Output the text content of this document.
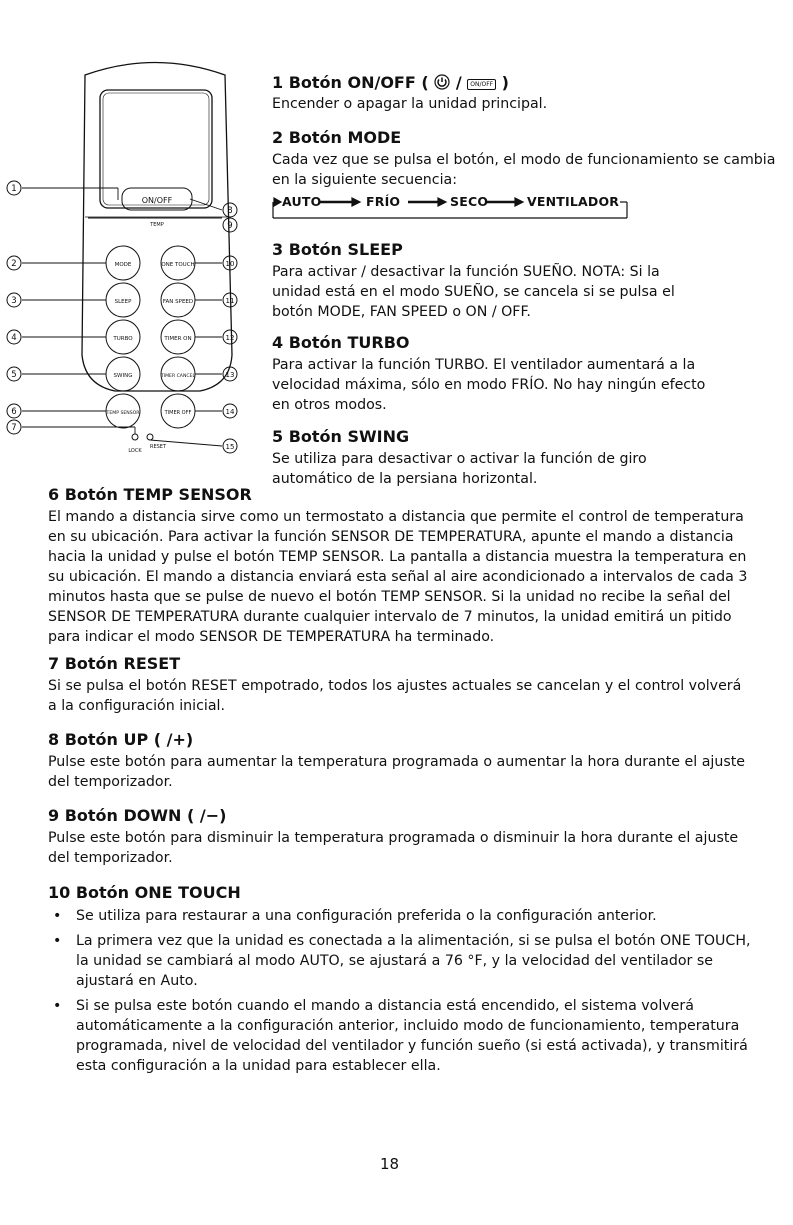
ON/OFF
TEMP
LOCK
RESET
MODE	ONE TOUCH
SLEEP	FAN SPEED
TURBO	TIMER ON
SWING	TIMER CANCEL
TEMP SENSOR	TIMER OFF
1
8
9
2	10
3	11
4	12
5	13
6	14
7
15
1 Botón ON/OFF (  / ON/OFF )
Encender o apagar la unidad principal.
2 Botón MODE
Cada vez que se pulsa el botón, el modo de funcionamiento se cambia en la siguiente secuencia:
AUTO	FRÍO	SECO	VENTILADOR
3 Botón SLEEP
Para activar / desactivar la función SUEÑO. NOTA: Si la unidad está en el modo SUEÑO, se cancela si se pulsa el botón MODE, FAN SPEED o ON / OFF.
4 Botón TURBO
Para activar la función TURBO. El ventilador aumentará a la velocidad máxima, sólo en modo FRÍO. No hay ningún efecto en otros modos.
5 Botón SWING
Se utiliza para desactivar o activar la función de giro automático de la persiana horizontal.
6 Botón TEMP SENSOR
El mando a distancia sirve como un termostato a distancia que permite el control de temperatura en su ubicación. Para activar la función SENSOR DE TEMPERATURA, apunte el mando a distancia hacia la unidad y pulse el botón TEMP SENSOR. La pantalla a distancia muestra la temperatura en su ubicación. El mando a distancia enviará esta señal al aire acondicionado a intervalos de cada 3 minutos hasta que se pulse de nuevo el botón TEMP SENSOR. Si la unidad no recibe la señal del SENSOR DE TEMPERATURA durante cualquier intervalo de 7 minutos, la unidad emitirá un pitido para indicar el modo SENSOR DE TEMPERATURA ha terminado.
7 Botón RESET
Si se pulsa el botón RESET empotrado, todos los ajustes actuales se cancelan y el control volverá a la configuración inicial.
8 Botón UP ( /+)
Pulse este botón para aumentar la temperatura programada o aumentar la hora durante el ajuste del temporizador.
9 Botón DOWN ( /−)
Pulse este botón para disminuir la temperatura programada o disminuir la hora durante el ajuste del temporizador.
10 Botón ONE TOUCH
• Se utiliza para restaurar a una configuración preferida o la configuración anterior.
• La primera vez que la unidad es conectada a la alimentación, si se pulsa el botón ONE TOUCH, la unidad se cambiará al modo AUTO, se ajustará a 76 °F, y la velocidad del ventilador se ajustará en Auto.
• Si se pulsa este botón cuando el mando a distancia está encendido, el sistema volverá automáticamente a la configuración anterior, incluido modo de funcionamiento, temperatura programada, nivel de velocidad del ventilador y función sueño (si está activada), y transmitirá esta configuración a la unidad para establecer ella.
18
